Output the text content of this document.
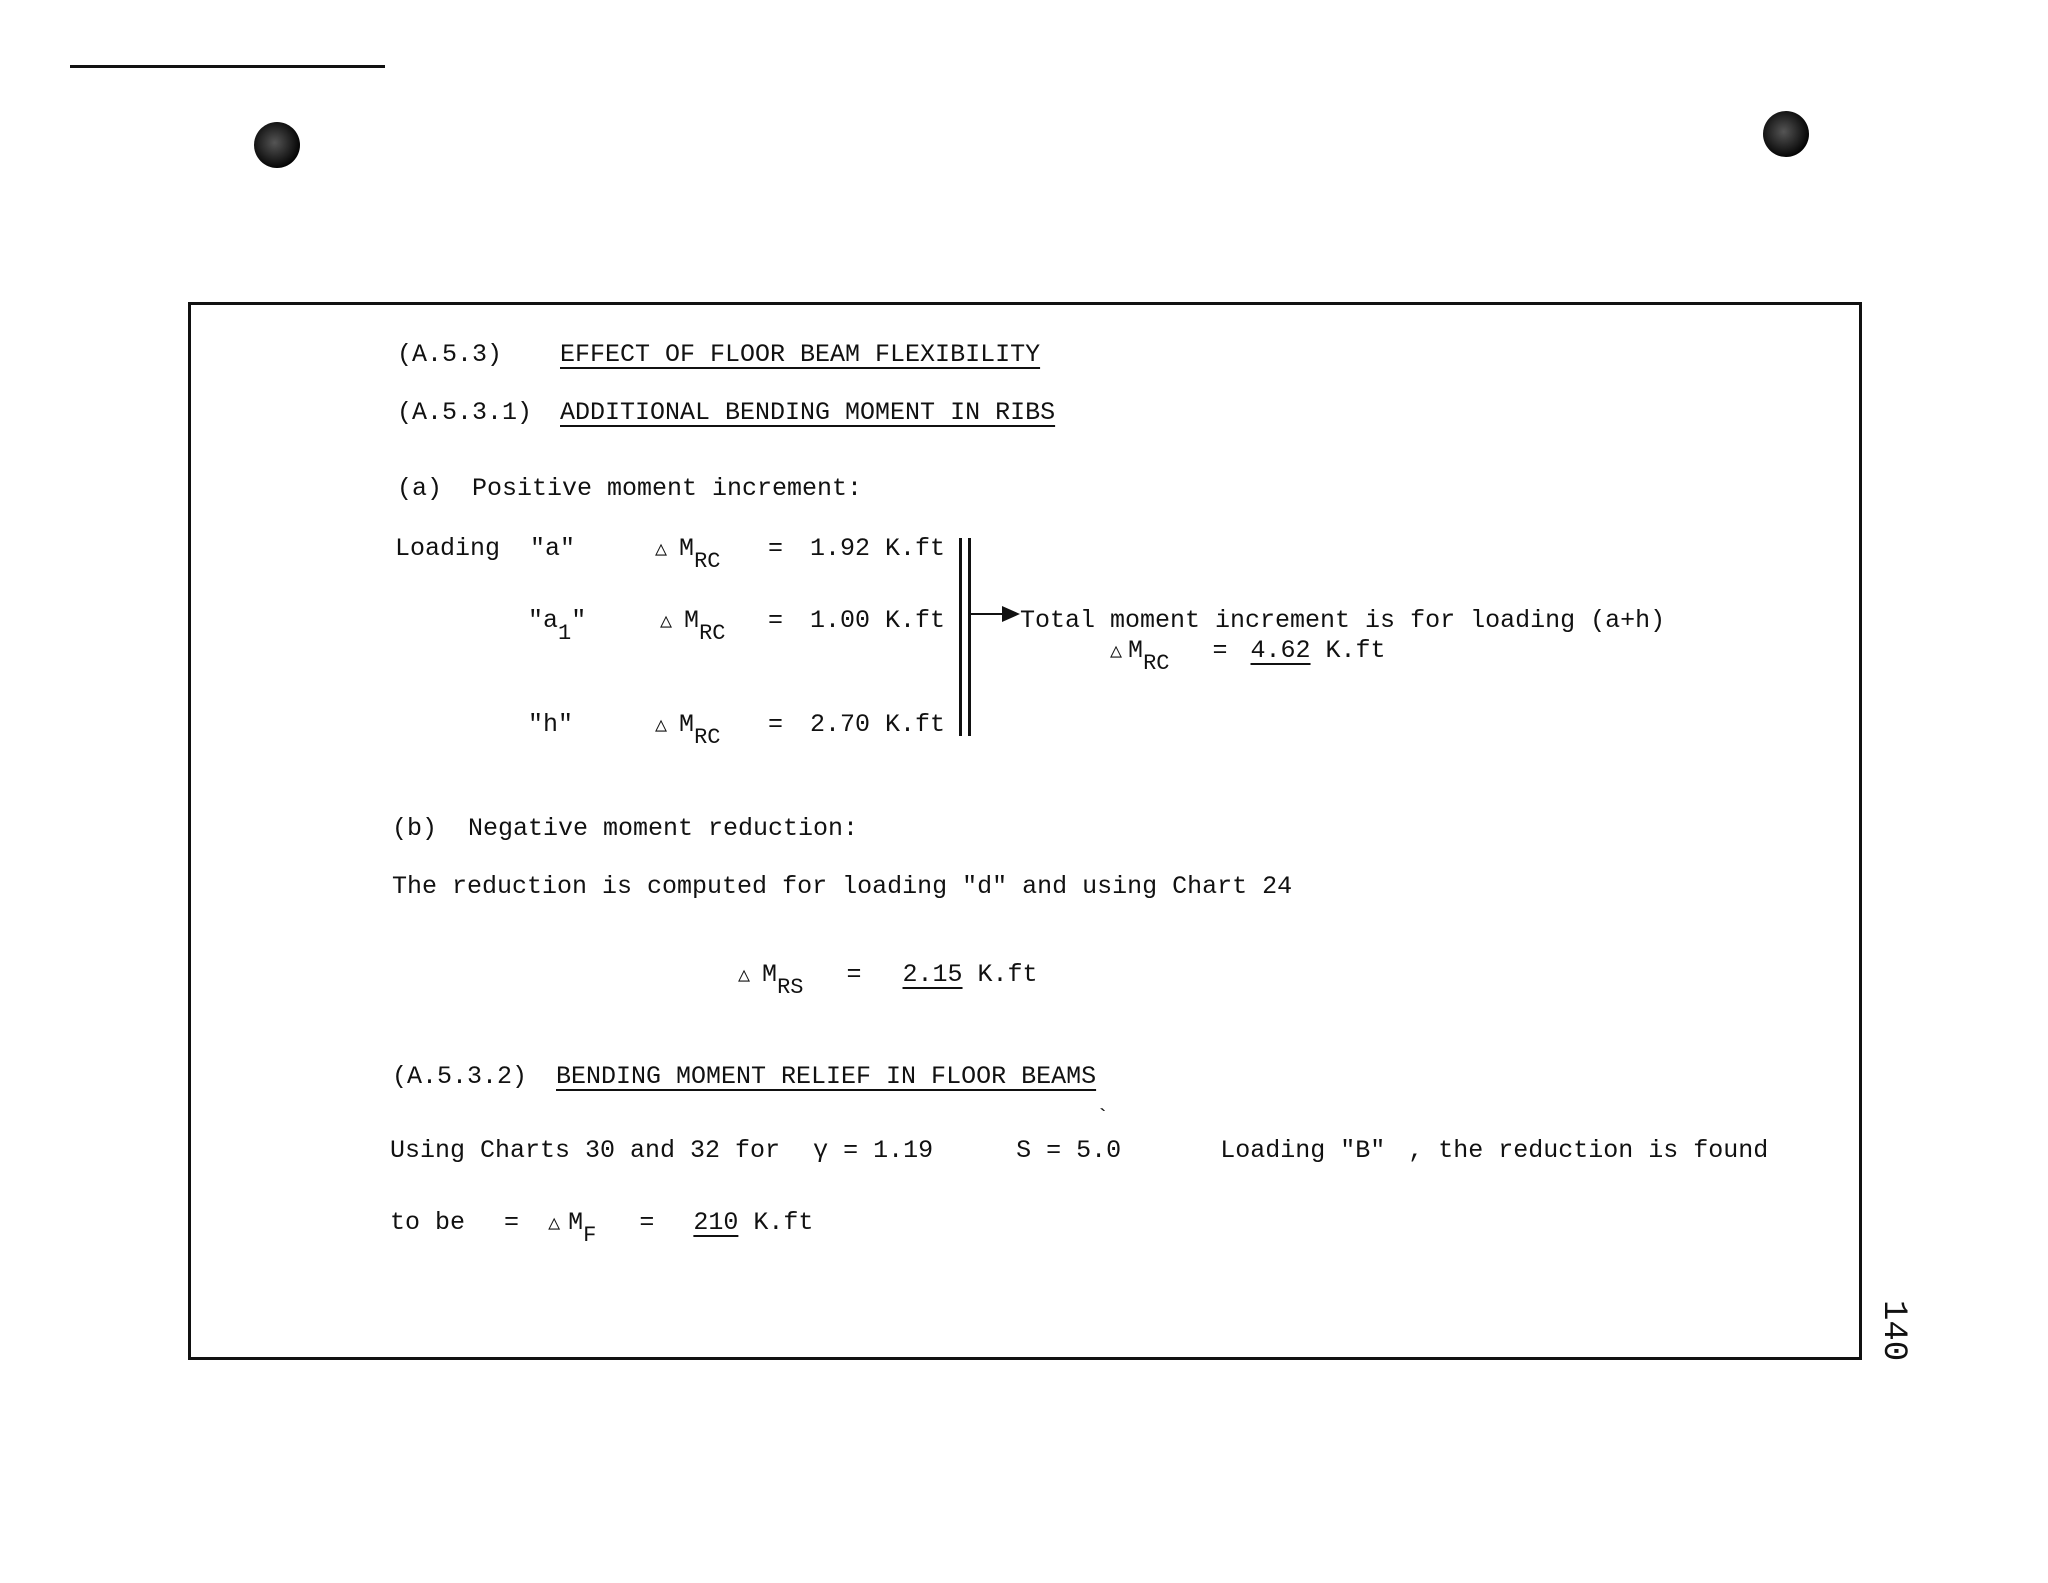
(A.5.3) EFFECT OF FLOOR BEAM FLEXIBILITY
(A.5.3.1) ADDITIONAL BENDING MOMENT IN RIBS
(a) Positive moment increment:
Loading "a"	△ $M_{RC} = 1.92$ K.ft
"$a_1$"	△ $M_{RC} = 1.00$ K.ft
"h"	△ $M_{RC} = 2.70$ K.ft
Total moment increment is for loading (a+h)
△ $M_{RC} = 4.62$ K.ft
(b) Negative moment reduction:
The reduction is computed for loading "d" and using Chart 24
△ $M_{RS} = 2.15$ K.ft
(A.5.3.2) BENDING MOMENT RELIEF IN FLOOR BEAMS
Using Charts 30 and 32 for γ = 1.19	S = 5.0	Loading "B" , the reduction is found
`
to be = △ $M_F = 210$ K.ft
140
